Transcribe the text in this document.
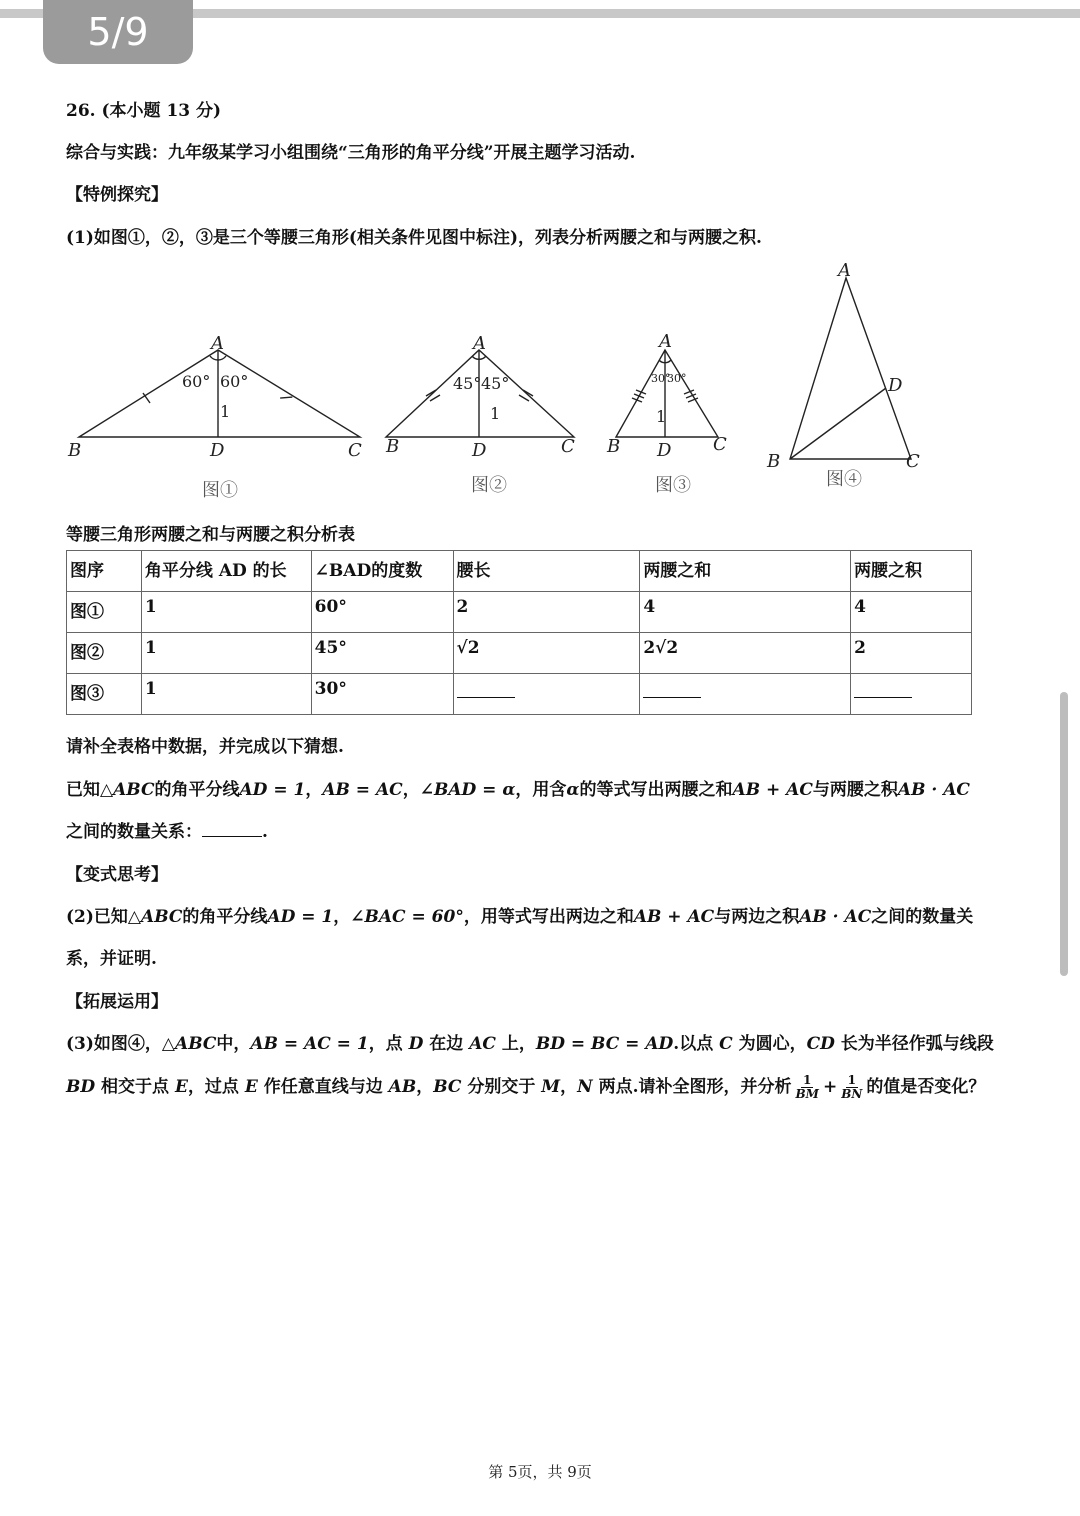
5/9
26. (本小题 13 分)
综合与实践：九年级某学习小组围绕“三角形的角平分线”开展主题学习活动.
【特例探究】
(1)如图①，②，③是三个等腰三角形(相关条件见图中标注)，列表分析两腰之和与两腰之积.
A
B	C
D
A
B	C
D
A
B	C
D
A
B	C
D
60° 60°
1
45° 45°
1	1
30°
30°
图①	图②	图③	图④
等腰三角形两腰之和与两腰之积分析表
图序	角平分线 AD 的长	∠BAD的度数	腰长	两腰之和	两腰之积
图①	1	60°	2	4	4
图②	1	45°	√2	2√2	2
图③	1	30°			
请补全表格中数据，并完成以下猜想.
已知△ABC的角平分线AD = 1，AB = AC，∠BAD = α，用含α的等式写出两腰之和AB + AC与两腰之积AB · AC
之间的数量关系：	.
【变式思考】
(2)已知△ABC的角平分线AD = 1，∠BAC = 60°，用等式写出两边之和AB + AC与两边之积AB · AC之间的数量关
系，并证明.
【拓展运用】
(3)如图④，△ABC中，AB = AC = 1，点 D 在边 AC 上，BD = BC = AD.以点 C 为圆心，CD 长为半径作弧与线段
BD 相交于点 E，过点 E 作任意直线与边 AB，BC 分别交于 M，N 两点.请补全图形，并分析 $\frac{1}{BM} + \frac{1}{BN}$ 的值是否变化？
第 5页，共 9页
